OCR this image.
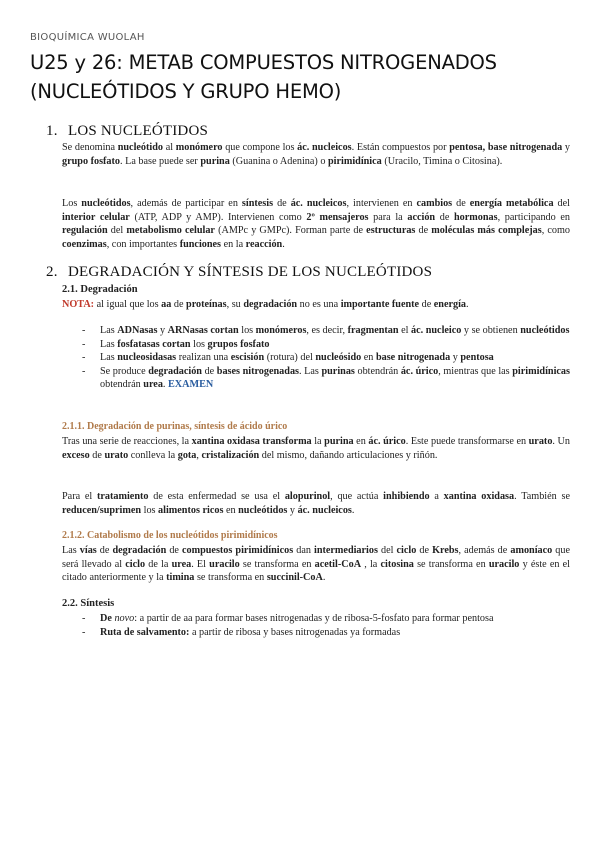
BIOQUÍMICA WUOLAH
U25 y 26: METAB COMPUESTOS NITROGENADOS (NUCLEÓTIDOS Y GRUPO HEMO)
1. LOS NUCLEÓTIDOS

Se denomina nucleótido al monómero que compone los ác. nucleicos. Están compuestos por pentosa, base nitrogenada y grupo fosfato. La base puede ser purina (Guanina o Adenina) o pirimidínica (Uracilo, Timina o Citosina).

Los nucleótidos, además de participar en síntesis de ác. nucleicos, intervienen en cambios de energía metabólica del interior celular (ATP, ADP y AMP). Intervienen como 2º mensajeros para la acción de hormonas, participando en regulación del metabolismo celular (AMPc y GMPc). Forman parte de estructuras de moléculas más complejas, como coenzimas, con importantes funciones en la reacción.

2. DEGRADACIÓN Y SÍNTESIS DE LOS NUCLEÓTIDOS
2.1. Degradación

NOTA: al igual que los aa de proteínas, su degradación no es una importante fuente de energía.

- Las ADNasas y ARNasas cortan los monómeros, es decir, fragmentan el ác. nucleico y se obtienen nucleótidos
- Las fosfatasas cortan los grupos fosfato
- Las nucleosidasas realizan una escisión (rotura) del nucleósido en base nitrogenada y pentosa
- Se produce degradación de bases nitrogenadas. Las purinas obtendrán ác. úrico, mientras que las pirimidínicas obtendrán urea. EXAMEN
2.1.1. Degradación de purinas, síntesis de ácido úrico

Tras una serie de reacciones, la xantina oxidasa transforma la purina en ác. úrico. Este puede transformarse en urato. Un exceso de urato conlleva la gota, cristalización del mismo, dañando articulaciones y riñón.

Para el tratamiento de esta enfermedad se usa el alopurinol, que actúa inhibiendo a xantina oxidasa. También se reducen/suprimen los alimentos ricos en nucleótidos y ác. nucleicos.

2.1.2. Catabolismo de los nucleótidos pirimidínicos

Las vías de degradación de compuestos pirimidínicos dan intermediarios del ciclo de Krebs, además de amoníaco que será llevado al ciclo de la urea. El uracilo se transforma en acetil-CoA , la citosina se transforma en uracilo y éste en el citado anteriormente y la timina se transforma en succinil-CoA.

2.2. Síntesis
- De novo: a partir de aa para formar bases nitrogenadas y de ribosa-5-fosfato para formar pentosa
- Ruta de salvamento: a partir de ribosa y bases nitrogenadas ya formadas
